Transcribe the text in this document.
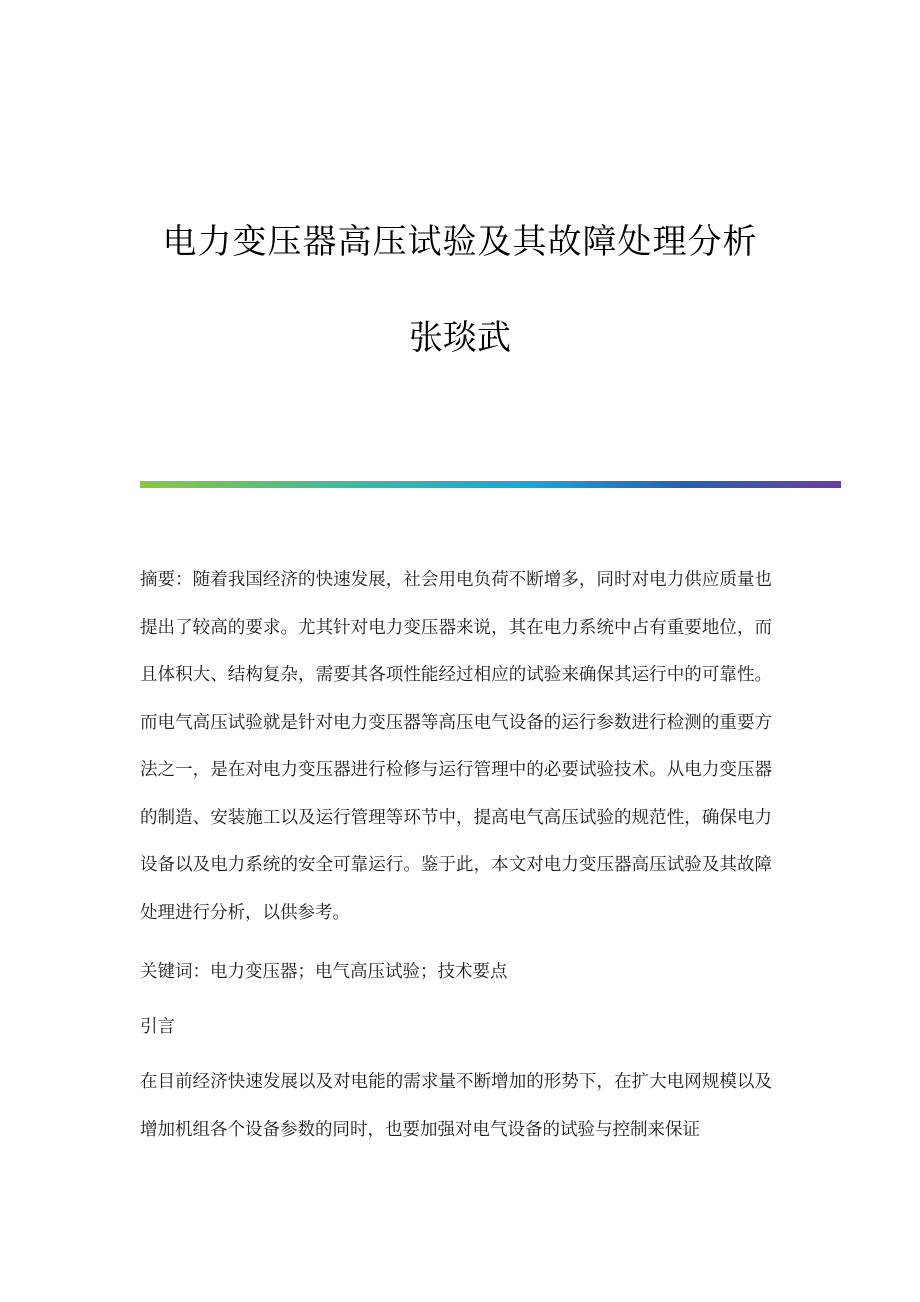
电力变压器高压试验及其故障处理分析
张琰武
摘要：随着我国经济的快速发展，社会用电负荷不断增多，同时对电力供应质量也提出了较高的要求。尤其针对电力变压器来说，其在电力系统中占有重要地位，而且体积大、结构复杂，需要其各项性能经过相应的试验来确保其运行中的可靠性。而电气高压试验就是针对电力变压器等高压电气设备的运行参数进行检测的重要方法之一，是在对电力变压器进行检修与运行管理中的必要试验技术。从电力变压器的制造、安装施工以及运行管理等环节中，提高电气高压试验的规范性，确保电力设备以及电力系统的安全可靠运行。鉴于此，本文对电力变压器高压试验及其故障处理进行分析，以供参考。
关键词：电力变压器；电气高压试验；技术要点
引言
在目前经济快速发展以及对电能的需求量不断增加的形势下，在扩大电网规模以及增加机组各个设备参数的同时，也要加强对电气设备的试验与控制来保证
